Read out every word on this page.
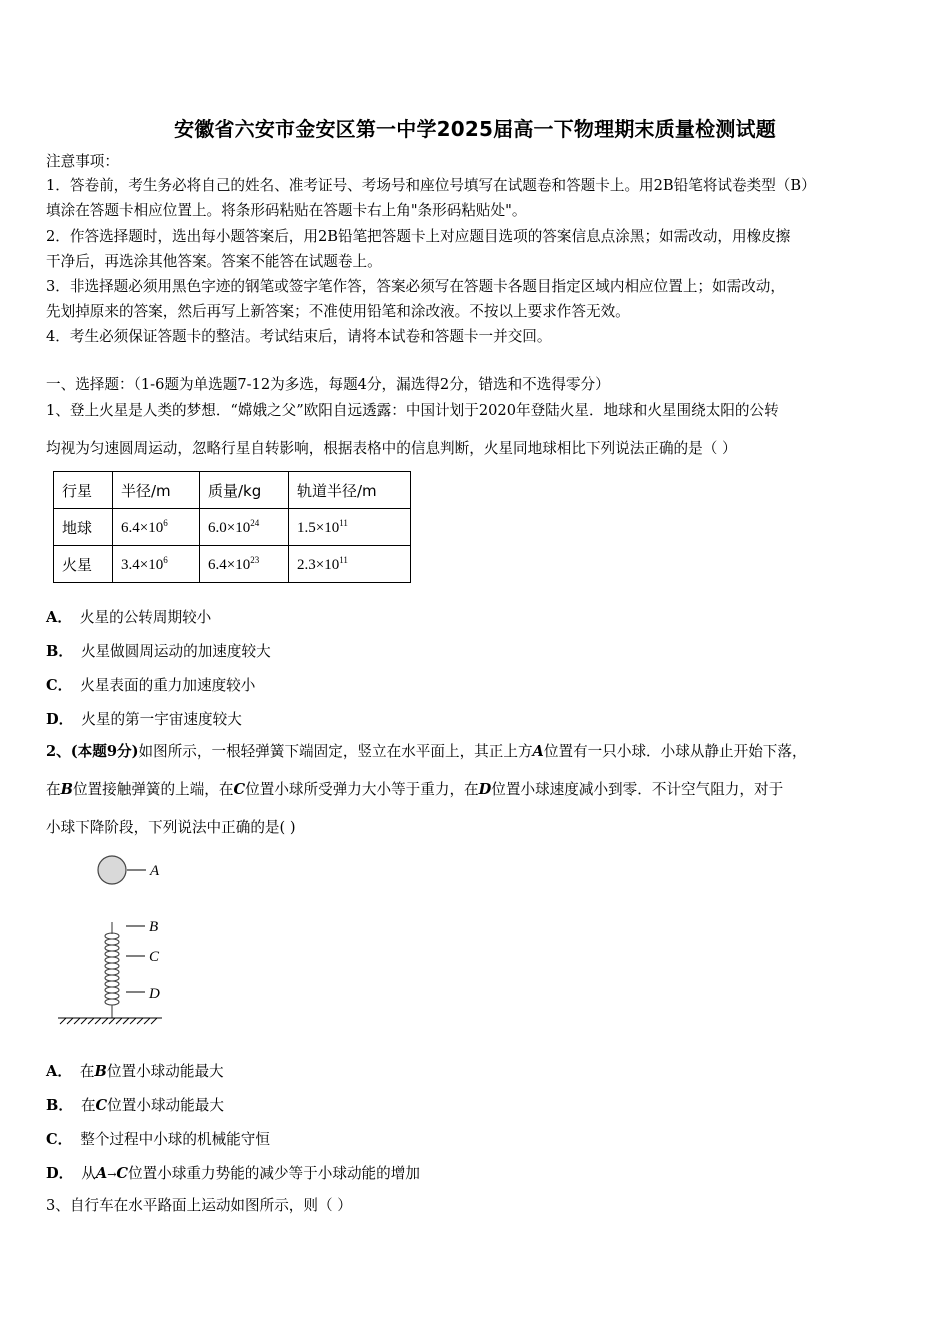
安徽省六安市金安区第一中学2025届高一下物理期末质量检测试题
注意事项：
1．答卷前，考生务必将自己的姓名、准考证号、考场号和座位号填写在试题卷和答题卡上。用2B铅笔将试卷类型（B）
填涂在答题卡相应位置上。将条形码粘贴在答题卡右上角"条形码粘贴处"。
2．作答选择题时，选出每小题答案后，用2B铅笔把答题卡上对应题目选项的答案信息点涂黑；如需改动，用橡皮擦
干净后，再选涂其他答案。答案不能答在试题卷上。
3．非选择题必须用黑色字迹的钢笔或签字笔作答，答案必须写在答题卡各题目指定区域内相应位置上；如需改动，
先划掉原来的答案，然后再写上新答案；不准使用铅笔和涂改液。不按以上要求作答无效。
4．考生必须保证答题卡的整洁。考试结束后，请将本试卷和答题卡一并交回。
一、选择题：（1-6题为单选题7-12为多选，每题4分，漏选得2分，错选和不选得零分）
1、登上火星是人类的梦想．“嫦娥之父”欧阳自远透露：中国计划于2020年登陆火星．地球和火星围绕太阳的公转
均视为匀速圆周运动，忽略行星自转影响，根据表格中的信息判断，火星同地球相比下列说法正确的是（ ）
行星	半径/m	质量/kg	轨道半径/m
地球	$6.4\times 10^6$	$6.0\times 10^{24}$	$1.5\times 10^{11}$
火星	$3.4\times 10^6$	$6.4\times 10^{23}$	$2.3\times 10^{11}$
A． 火星的公转周期较小
B． 火星做圆周运动的加速度较大
C． 火星表面的重力加速度较小
D． 火星的第一宇宙速度较大
2、(本题9分)如图所示，一根轻弹簧下端固定，竖立在水平面上，其正上方A位置有一只小球．小球从静止开始下落，
在B位置接触弹簧的上端，在C位置小球所受弹力大小等于重力，在D位置小球速度减小到零．不计空气阻力，对于
小球下降阶段，下列说法中正确的是( )
A
B
C
D
A． 在B位置小球动能最大
B． 在C位置小球动能最大
C． 整个过程中小球的机械能守恒
D． 从A→C位置小球重力势能的减少等于小球动能的增加
3、自行车在水平路面上运动如图所示，则（ ）
